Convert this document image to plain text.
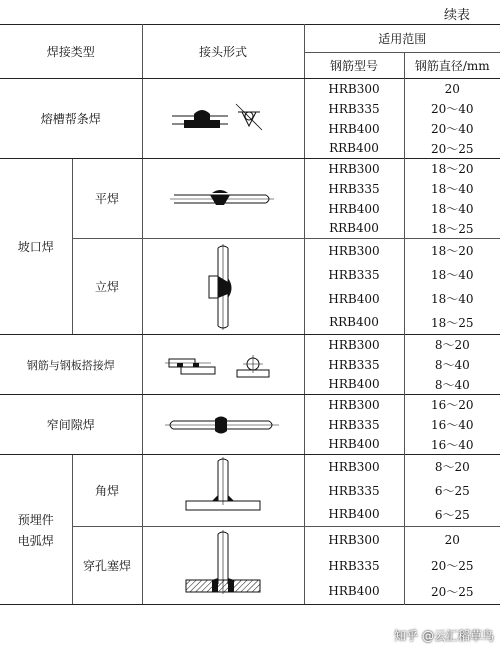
续表
焊接类型		接头形式	适用范围	
			钢筋型号	钢筋直径/mm
熔槽帮条焊			HRB300	20
			HRB335	20～40
			HRB400	20～40
			RRB400	20～25
坡口焊	平焊		HRB300	18～20
			HRB335	18～40
			HRB400	18～40
			RRB400	18～25
	立焊		HRB300	18～20
			HRB335	18～40
			HRB400	18～40
			RRB400	18～25
钢筋与钢板搭接焊			HRB300	8～20
			HRB335	8～40
			HRB400	8～40
窄间隙焊			HRB300	16～20
			HRB335	16～40
			HRB400	16～40

预埋件
电弧焊	角焊		HRB300	8～20
			HRB335	6～25
			HRB400	6～25
	穿孔塞焊		HRB300	20
			HRB335	20～25
			HRB400	20～25
知乎 @云汇稻草鸟
